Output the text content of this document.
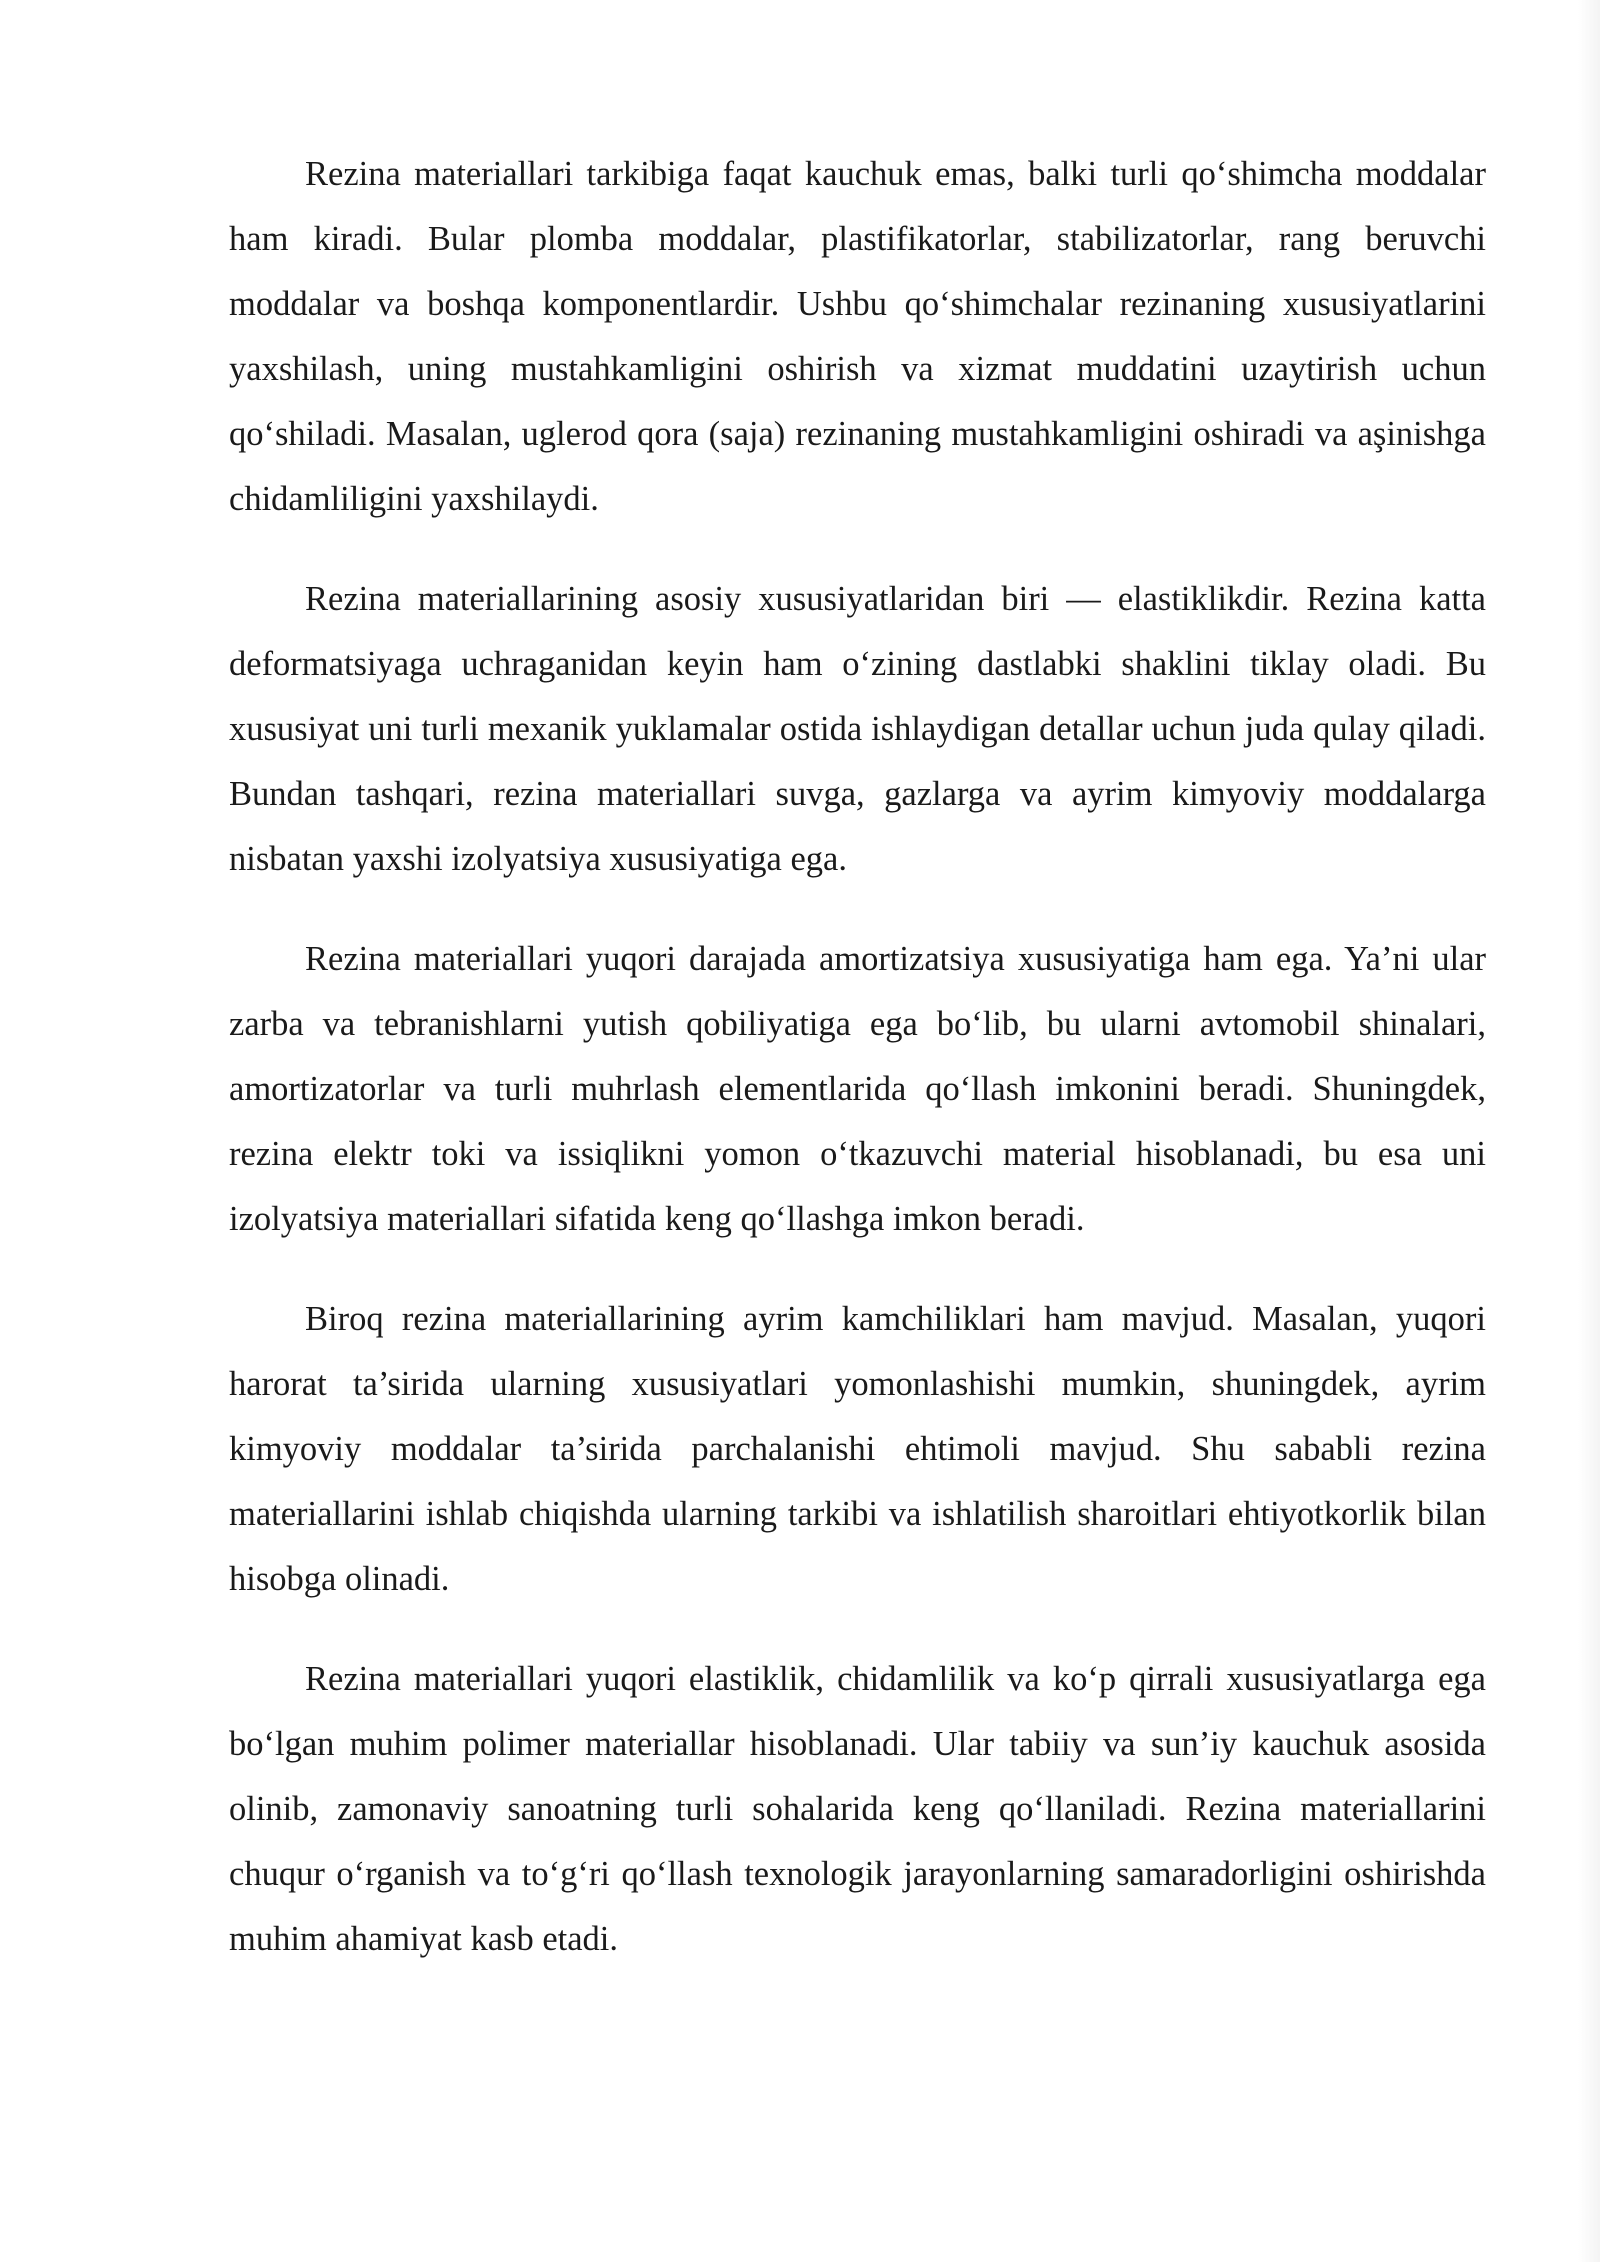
Rezina materiallari tarkibiga faqat kauchuk emas, balki turli qo‘shimcha moddalar ham kiradi. Bular plomba moddalar, plastifikatorlar, stabilizatorlar, rang beruvchi moddalar va boshqa komponentlardir. Ushbu qo‘shimchalar rezinaning xususiyatlarini yaxshilash, uning mustahkamligini oshirish va xizmat muddatini uzaytirish uchun qo‘shiladi. Masalan, uglerod qora (saja) rezinaning mustahkamligini oshiradi va aşinishga chidamliligini yaxshilaydi.

Rezina materiallarining asosiy xususiyatlaridan biri — elastiklikdir. Rezina katta deformatsiyaga uchraganidan keyin ham o‘zining dastlabki shaklini tiklay oladi. Bu xususiyat uni turli mexanik yuklamalar ostida ishlaydigan detallar uchun juda qulay qiladi. Bundan tashqari, rezina materiallari suvga, gazlarga va ayrim kimyoviy moddalarga nisbatan yaxshi izolyatsiya xususiyatiga ega.

Rezina materiallari yuqori darajada amortizatsiya xususiyatiga ham ega. Ya’ni ular zarba va tebranishlarni yutish qobiliyatiga ega bo‘lib, bu ularni avtomobil shinalari, amortizatorlar va turli muhrlash elementlarida qo‘llash imkonini beradi. Shuningdek, rezina elektr toki va issiqlikni yomon o‘tkazuvchi material hisoblanadi, bu esa uni izolyatsiya materiallari sifatida keng qo‘llashga imkon beradi.

Biroq rezina materiallarining ayrim kamchiliklari ham mavjud. Masalan, yuqori harorat ta’sirida ularning xususiyatlari yomonlashishi mumkin, shuningdek, ayrim kimyoviy moddalar ta’sirida parchalanishi ehtimoli mavjud. Shu sababli rezina materiallarini ishlab chiqishda ularning tarkibi va ishlatilish sharoitlari ehtiyotkorlik bilan hisobga olinadi.

Rezina materiallari yuqori elastiklik, chidamlilik va ko‘p qirrali xususiyatlarga ega bo‘lgan muhim polimer materiallar hisoblanadi. Ular tabiiy va sun’iy kauchuk asosida olinib, zamonaviy sanoatning turli sohalarida keng qo‘llaniladi. Rezina materiallarini chuqur o‘rganish va to‘g‘ri qo‘llash texnologik jarayonlarning samaradorligini oshirishda muhim ahamiyat kasb etadi.
